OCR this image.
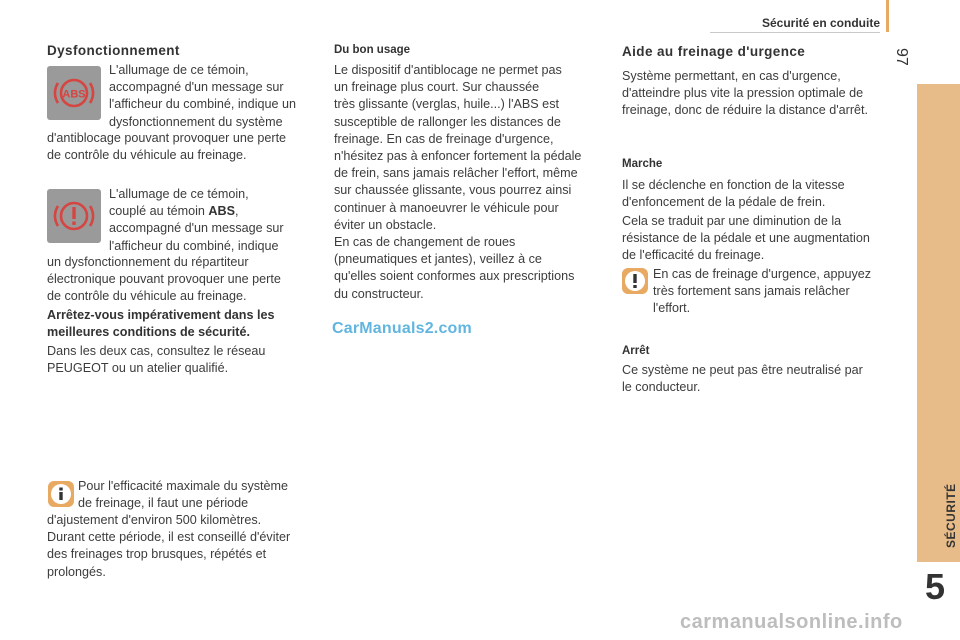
Sécurité en conduite
97
SÉCURITÉ
5
Dysfonctionnement
ABS

L'allumage de ce témoin,

accompagné d'un message sur

l'afficheur du combiné, indique un

dysfonctionnement du système

d'antiblocage pouvant provoquer une perte

de contrôle du véhicule au freinage.

L'allumage de ce témoin,

couplé au témoin ABS,

accompagné d'un message sur

l'afficheur du combiné, indique

un dysfonctionnement du répartiteur

électronique pouvant provoquer une perte

de contrôle du véhicule au freinage.

Arrêtez-vous impérativement dans les

meilleures conditions de sécurité.

Dans les deux cas, consultez le réseau

PEUGEOT ou un atelier qualifié.

Pour l'efficacité maximale du système

de freinage, il faut une période

d'ajustement d'environ 500 kilomètres.

Durant cette période, il est conseillé d'éviter

des freinages trop brusques, répétés et

prolongés.

Du bon usage

Le dispositif d'antiblocage ne permet pas

un freinage plus court. Sur chaussée

très glissante (verglas, huile...) l'ABS est

susceptible de rallonger les distances de

freinage. En cas de freinage d'urgence,

n'hésitez pas à enfoncer fortement la pédale

de frein, sans jamais relâcher l'effort, même

sur chaussée glissante, vous pourrez ainsi

continuer à manoeuvrer le véhicule pour

éviter un obstacle.

En cas de changement de roues

(pneumatiques et jantes), veillez à ce

qu'elles soient conformes aux prescriptions

du constructeur.

CarManuals2.com
Aide au freinage d'urgence

Système permettant, en cas d'urgence,

d'atteindre plus vite la pression optimale de

freinage, donc de réduire la distance d'arrêt.

Marche

Il se déclenche en fonction de la vitesse

d'enfoncement de la pédale de frein.

Cela se traduit par une diminution de la

résistance de la pédale et une augmentation

de l'efficacité du freinage.

En cas de freinage d'urgence, appuyez

très fortement sans jamais relâcher

l'effort.

Arrêt

Ce système ne peut pas être neutralisé par

le conducteur.

carmanualsonline.info
